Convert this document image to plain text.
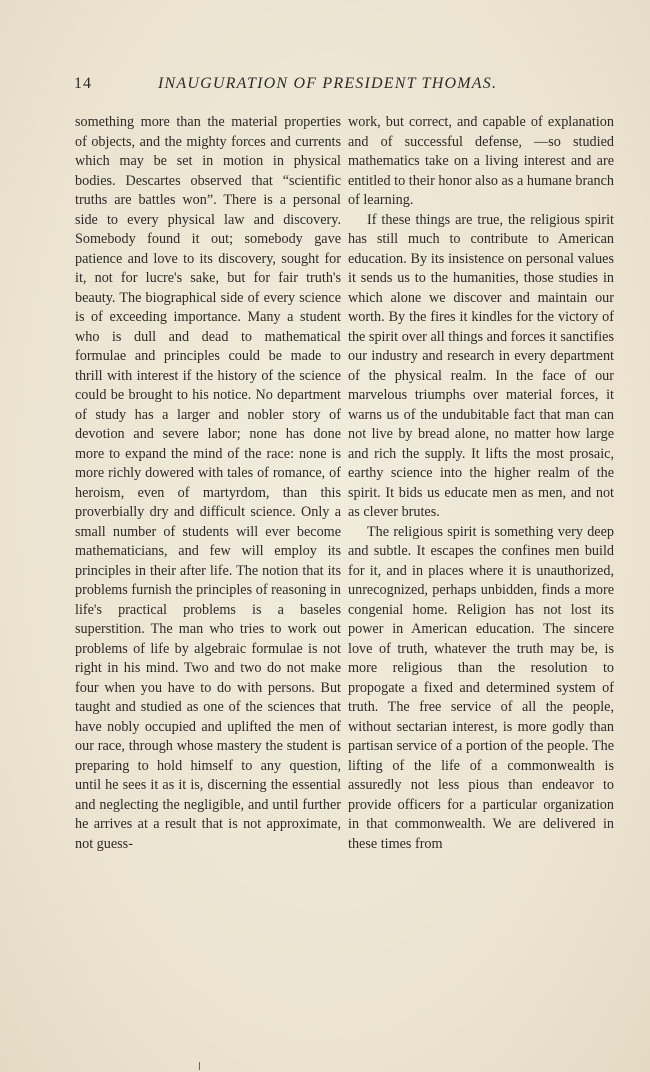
14	INAUGURATION OF PRESIDENT THOMAS.

something more than the material properties of objects, and the mighty forces and currents which may be set in motion in physical bodies. Descartes observed that “scientific truths are battles won”. There is a personal side to every physical law and discovery. Somebody found it out; somebody gave patience and love to its discovery, sought for it, not for lucre's sake, but for fair truth's beauty. The biographical side of every science is of exceeding importance. Many a student who is dull and dead to mathematical formulae and principles could be made to thrill with interest if the history of the science could be brought to his notice. No department of study has a larger and nobler story of devotion and severe labor; none has done more to expand the mind of the race: none is more richly dowered with tales of romance, of heroism, even of martyrdom, than this proverbially dry and difficult science. Only a small number of students will ever become mathematicians, and few will employ its principles in their after life. The notion that its problems furnish the principles of reasoning in life's practical problems is a baseles superstition. The man who tries to work out problems of life by algebraic formulae is not right in his mind. Two and two do not make four when you have to do with persons. But taught and studied as one of the sciences that have nobly occupied and uplifted the men of our race, through whose mastery the student is preparing to hold himself to any question, until he sees it as it is, discerning the essential and neglecting the negligible, and until further he arrives at a result that is not approximate, not guess-

work, but correct, and capable of explanation and of successful defense, —so studied mathematics take on a living interest and are entitled to their honor also as a humane branch of learning.

If these things are true, the religious spirit has still much to contribute to American education. By its insistence on personal values it sends us to the humanities, those studies in which alone we discover and maintain our worth. By the fires it kindles for the victory of the spirit over all things and forces it sanctifies our industry and research in every department of the physical realm. In the face of our marvelous triumphs over material forces, it warns us of the undubitable fact that man can not live by bread alone, no matter how large and rich the supply. It lifts the most prosaic, earthy science into the higher realm of the spirit. It bids us educate men as men, and not as clever brutes.

The religious spirit is something very deep and subtle. It escapes the confines men build for it, and in places where it is unauthorized, unrecognized, perhaps unbidden, finds a more congenial home. Religion has not lost its power in American education. The sincere love of truth, whatever the truth may be, is more religious than the resolution to propogate a fixed and determined system of truth. The free service of all the people, without sectarian interest, is more godly than partisan service of a portion of the people. The lifting of the life of a commonwealth is assuredly not less pious than endeavor to provide officers for a particular organization in that commonwealth. We are delivered in these times from
